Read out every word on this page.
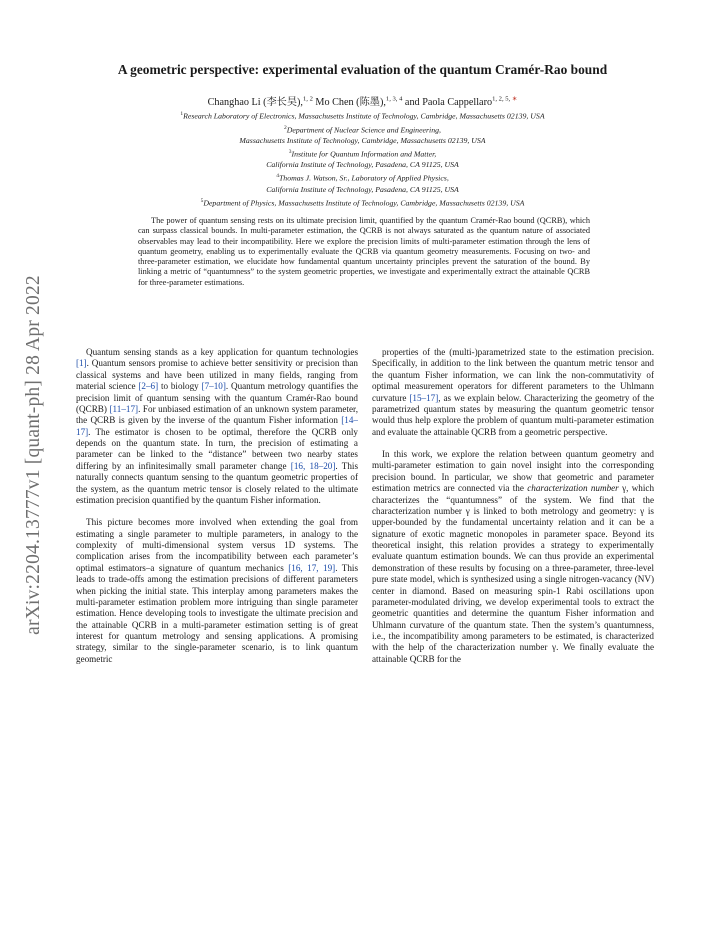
arXiv:2204.13777v1 [quant-ph] 28 Apr 2022
A geometric perspective: experimental evaluation of the quantum Cramér-Rao bound
Changhao Li (李长昊),$^{1, 2}$ Mo Chen (陈墨),$^{1, 3, 4}$ and Paola Cappellaro$^{1, 2, 5, ∗}$
$^1$Research Laboratory of Electronics, Massachusetts Institute of Technology, Cambridge, Massachusetts 02139, USA
$^2$Department of Nuclear Science and Engineering,
Massachusetts Institute of Technology, Cambridge, Massachusetts 02139, USA
$^3$Institute for Quantum Information and Matter,
California Institute of Technology, Pasadena, CA 91125, USA
$^4$Thomas J. Watson, Sr., Laboratory of Applied Physics,
California Institute of Technology, Pasadena, CA 91125, USA
$^5$Department of Physics, Massachusetts Institute of Technology, Cambridge, Massachusetts 02139, USA
The power of quantum sensing rests on its ultimate precision limit, quantified by the quantum Cramér-Rao bound (QCRB), which can surpass classical bounds. In multi-parameter estimation, the QCRB is not always saturated as the quantum nature of associated observables may lead to their incompatibility. Here we explore the precision limits of multi-parameter estimation through the lens of quantum geometry, enabling us to experimentally evaluate the QCRB via quantum geometry measurements. Focusing on two- and three-parameter estimation, we elucidate how fundamental quantum uncertainty principles prevent the saturation of the bound. By linking a metric of “quantumness” to the system geometric properties, we investigate and experimentally extract the attainable QCRB for three-parameter estimations.

Quantum sensing stands as a key application for quantum technologies [1]. Quantum sensors promise to achieve better sensitivity or precision than classical systems and have been utilized in many fields, ranging from material science [2–6] to biology [7–10]. Quantum metrology quantifies the precision limit of quantum sensing with the quantum Cramér-Rao bound (QCRB) [11–17]. For unbiased estimation of an unknown system parameter, the QCRB is given by the inverse of the quantum Fisher information [14–17]. The estimator is chosen to be optimal, therefore the QCRB only depends on the quantum state. In turn, the precision of estimating a parameter can be linked to the “distance” between two nearby states differing by an infinitesimally small parameter change [16, 18–20]. This naturally connects quantum sensing to the quantum geometric properties of the system, as the quantum metric tensor is closely related to the ultimate estimation precision quantified by the quantum Fisher information.

This picture becomes more involved when extending the goal from estimating a single parameter to multiple parameters, in analogy to the complexity of multi-dimensional system versus 1D systems. The complication arises from the incompatibility between each parameter’s optimal estimators–a signature of quantum mechanics [16, 17, 19]. This leads to trade-offs among the estimation precisions of different parameters when picking the initial state. This interplay among parameters makes the multi-parameter estimation problem more intriguing than single parameter estimation. Hence developing tools to investigate the ultimate precision and the attainable QCRB in a multi-parameter estimation setting is of great interest for quantum metrology and sensing applications. A promising strategy, similar to the single-parameter scenario, is to link quantum geometric

properties of the (multi-)parametrized state to the estimation precision. Specifically, in addition to the link between the quantum metric tensor and the quantum Fisher information, we can link the non-commutativity of optimal measurement operators for different parameters to the Uhlmann curvature [15–17], as we explain below. Characterizing the geometry of the parametrized quantum states by measuring the quantum geometric tensor would thus help explore the problem of quantum multi-parameter estimation and evaluate the attainable QCRB from a geometric perspective.

In this work, we explore the relation between quantum geometry and multi-parameter estimation to gain novel insight into the corresponding precision bound. In particular, we show that geometric and parameter estimation metrics are connected via the characterization number γ, which characterizes the “quantumness” of the system. We find that the characterization number γ is linked to both metrology and geometry: γ is upper-bounded by the fundamental uncertainty relation and it can be a signature of exotic magnetic monopoles in parameter space. Beyond its theoretical insight, this relation provides a strategy to experimentally evaluate quantum estimation bounds. We can thus provide an experimental demonstration of these results by focusing on a three-parameter, three-level pure state model, which is synthesized using a single nitrogen-vacancy (NV) center in diamond. Based on measuring spin-1 Rabi oscillations upon parameter-modulated driving, we develop experimental tools to extract the geometric quantities and determine the quantum Fisher information and Uhlmann curvature of the quantum state. Then the system’s quantumness, i.e., the incompatibility among parameters to be estimated, is characterized with the help of the characterization number γ. We finally evaluate the attainable QCRB for the
